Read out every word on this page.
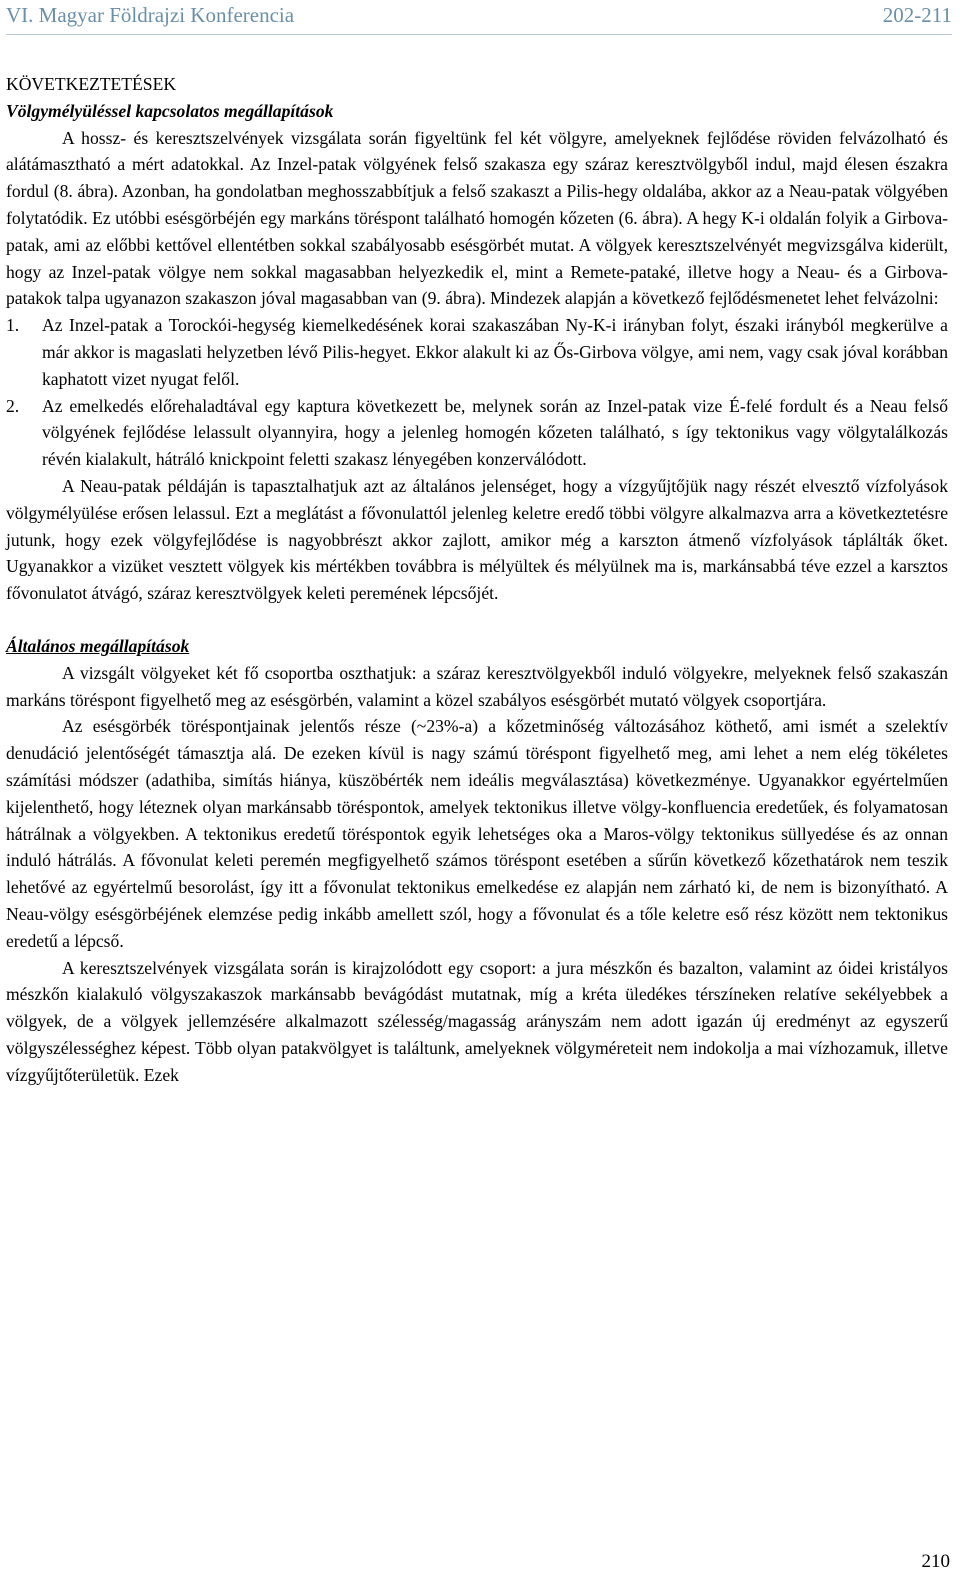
VI. Magyar Földrajzi Konferencia	202-211

KÖVETKEZTETÉSEK

Völgymélyüléssel kapcsolatos megállapítások

A hossz- és keresztszelvények vizsgálata során figyeltünk fel két völgyre, amelyeknek fejlődése röviden felvázolható és alátámasztható a mért adatokkal. Az Inzel-patak völgyének felső szakasza egy száraz keresztvölgyből indul, majd élesen északra fordul (8. ábra). Azonban, ha gondolatban meghosszabbítjuk a felső szakaszt a Pilis-hegy oldalába, akkor az a Neau-patak völgyében folytatódik. Ez utóbbi esésgörbéjén egy markáns töréspont található homogén kőzeten (6. ábra). A hegy K-i oldalán folyik a Girbova-patak, ami az előbbi kettővel ellentétben sokkal szabályosabb esésgörbét mutat. A völgyek keresztszelvényét megvizsgálva kiderült, hogy az Inzel-patak völgye nem sokkal magasabban helyezkedik el, mint a Remete-pataké, illetve hogy a Neau- és a Girbova-patakok talpa ugyanazon szakaszon jóval magasabban van (9. ábra). Mindezek alapján a következő fejlődésmenetet lehet felvázolni:

1.	Az Inzel-patak a Torockói-hegység kiemelkedésének korai szakaszában Ny-K-i irányban folyt, északi irányból megkerülve a már akkor is magaslati helyzetben lévő Pilis-hegyet. Ekkor alakult ki az Ős-Girbova völgye, ami nem, vagy csak jóval korábban kaphatott vizet nyugat felől.
2.	Az emelkedés előrehaladtával egy kaptura következett be, melynek során az Inzel-patak vize É-felé fordult és a Neau felső völgyének fejlődése lelassult olyannyira, hogy a jelenleg homogén kőzeten található, s így tektonikus vagy völgytalálkozás révén kialakult, hátráló knickpoint feletti szakasz lényegében konzerválódott.

A Neau-patak példáján is tapasztalhatjuk azt az általános jelenséget, hogy a vízgyűjtőjük nagy részét elvesztő vízfolyások völgymélyülése erősen lelassul. Ezt a meglátást a fővonulattól jelenleg keletre eredő többi völgyre alkalmazva arra a következtetésre jutunk, hogy ezek völgyfejlődése is nagyobbrészt akkor zajlott, amikor még a karszton átmenő vízfolyások táplálták őket. Ugyanakkor a vizüket vesztett völgyek kis mértékben továbbra is mélyültek és mélyülnek ma is, markánsabbá téve ezzel a karsztos fővonulatot átvágó, száraz keresztvölgyek keleti peremének lépcsőjét.

Általános megállapítások

A vizsgált völgyeket két fő csoportba oszthatjuk: a száraz keresztvölgyekből induló völgyekre, melyeknek felső szakaszán markáns töréspont figyelhető meg az esésgörbén, valamint a közel szabályos esésgörbét mutató völgyek csoportjára.

Az esésgörbék töréspontjainak jelentős része (~23%-a) a kőzetminőség változásához köthető, ami ismét a szelektív denudáció jelentőségét támasztja alá. De ezeken kívül is nagy számú töréspont figyelhető meg, ami lehet a nem elég tökéletes számítási módszer (adathiba, simítás hiánya, küszöbérték nem ideális megválasztása) következménye. Ugyanakkor egyértelműen kijelenthető, hogy léteznek olyan markánsabb töréspontok, amelyek tektonikus illetve völgy-konfluencia eredetűek, és folyamatosan hátrálnak a völgyekben. A tektonikus eredetű töréspontok egyik lehetséges oka a Maros-völgy tektonikus süllyedése és az onnan induló hátrálás. A fővonulat keleti peremén megfigyelhető számos töréspont esetében a sűrűn következő kőzethatárok nem teszik lehetővé az egyértelmű besorolást, így itt a fővonulat tektonikus emelkedése ez alapján nem zárható ki, de nem is bizonyítható. A Neau-völgy esésgörbéjének elemzése pedig inkább amellett szól, hogy a fővonulat és a tőle keletre eső rész között nem tektonikus eredetű a lépcső.

A keresztszelvények vizsgálata során is kirajzolódott egy csoport: a jura mészkőn és bazalton, valamint az óidei kristályos mészkőn kialakuló völgyszakaszok markánsabb bevágódást mutatnak, míg a kréta üledékes térszíneken relatíve sekélyebbek a völgyek, de a völgyek jellemzésére alkalmazott szélesség/magasság arányszám nem adott igazán új eredményt az egyszerű völgyszélességhez képest. Több olyan patakvölgyet is találtunk, amelyeknek völgyméreteit nem indokolja a mai vízhozamuk, illetve vízgyűjtőterületük. Ezek

210
